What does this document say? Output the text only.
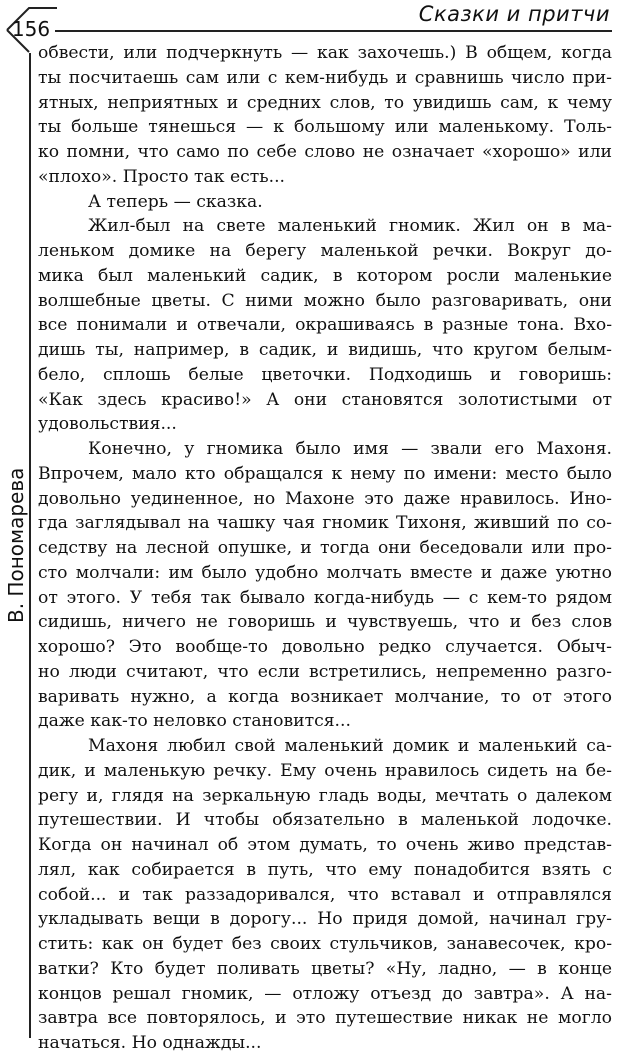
156
Сказки и притчи
В. Пономарева
обвести, или подчеркнуть — как захочешь.) В общем, когда
ты посчитаешь сам или с кем-нибудь и сравнишь число при-
ятных, неприятных и средних слов, то увидишь сам, к чему
ты больше тянешься — к большому или маленькому. Толь-
ко помни, что само по себе слово не означает «хорошо» или
«плохо». Просто так есть...
А теперь — сказка.
Жил-был на свете маленький гномик. Жил он в ма-
леньком домике на берегу маленькой речки. Вокруг до-
мика был маленький садик, в котором росли маленькие
волшебные цветы. С ними можно было разговаривать, они
все понимали и отвечали, окрашиваясь в разные тона. Вхо-
дишь ты, например, в садик, и видишь, что кругом белым-
бело, сплошь белые цветочки. Подходишь и говоришь:
«Как здесь красиво!» А они становятся золотистыми от
удовольствия...
Конечно, у гномика было имя — звали его Махоня.
Впрочем, мало кто обращался к нему по имени: место было
довольно уединенное, но Махоне это даже нравилось. Ино-
гда заглядывал на чашку чая гномик Тихоня, живший по со-
седству на лесной опушке, и тогда они беседовали или про-
сто молчали: им было удобно молчать вместе и даже уютно
от этого. У тебя так бывало когда-нибудь — с кем-то рядом
сидишь, ничего не говоришь и чувствуешь, что и без слов
хорошо? Это вообще-то довольно редко случается. Обыч-
но люди считают, что если встретились, непременно разго-
варивать нужно, а когда возникает молчание, то от этого
даже как-то неловко становится...
Махоня любил свой маленький домик и маленький са-
дик, и маленькую речку. Ему очень нравилось сидеть на бе-
регу и, глядя на зеркальную гладь воды, мечтать о далеком
путешествии. И чтобы обязательно в маленькой лодочке.
Когда он начинал об этом думать, то очень живо представ-
лял, как собирается в путь, что ему понадобится взять с
собой... и так раззадоривался, что вставал и отправлялся
укладывать вещи в дорогу... Но придя домой, начинал гру-
стить: как он будет без своих стульчиков, занавесочек, кро-
ватки? Кто будет поливать цветы? «Ну, ладно, — в конце
концов решал гномик, — отложу отъезд до завтра». А на-
завтра все повторялось, и это путешествие никак не могло
начаться. Но однажды...
